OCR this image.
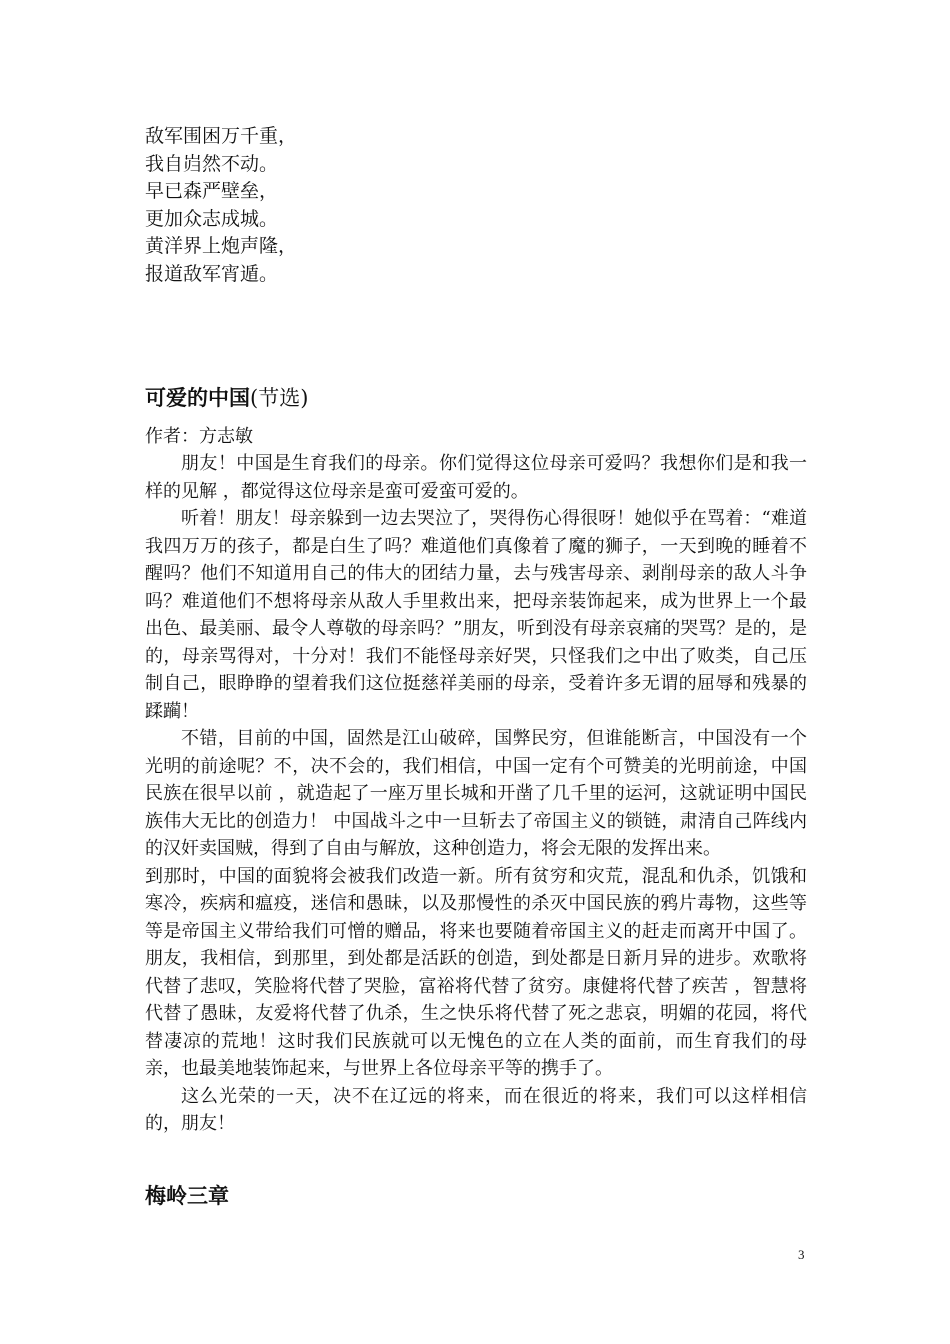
敌军围困万千重，
我自岿然不动。
早已森严壁垒，
更加众志成城。
黄洋界上炮声隆，
报道敌军宵遁。
可爱的中国(节选)
作者：方志敏

朋友！中国是生育我们的母亲。你们觉得这位母亲可爱吗？我想你们是和我一样的见解 ，都觉得这位母亲是蛮可爱蛮可爱的。

听着！朋友！母亲躲到一边去哭泣了，哭得伤心得很呀！她似乎在骂着：“难道我四万万的孩子，都是白生了吗？难道他们真像着了魔的狮子，一天到晚的睡着不醒吗？他们不知道用自己的伟大的团结力量，去与残害母亲、剥削母亲的敌人斗争吗？难道他们不想将母亲从敌人手里救出来，把母亲装饰起来，成为世界上一个最出色、最美丽、最令人尊敬的母亲吗？”朋友，听到没有母亲哀痛的哭骂？是的，是的，母亲骂得对，十分对！我们不能怪母亲好哭，只怪我们之中出了败类，自己压制自己，眼睁睁的望着我们这位挺慈祥美丽的母亲，受着许多无谓的屈辱和残暴的蹂躏！

不错，目前的中国，固然是江山破碎，国弊民穷，但谁能断言，中国没有一个光明的前途呢？不，决不会的，我们相信，中国一定有个可赞美的光明前途，中国民族在很早以前 ，就造起了一座万里长城和开凿了几千里的运河，这就证明中国民族伟大无比的创造力！ 中国战斗之中一旦斩去了帝国主义的锁链，肃清自己阵线内的汉奸卖国贼，得到了自由与解放，这种创造力，将会无限的发挥出来。

到那时，中国的面貌将会被我们改造一新。所有贫穷和灾荒，混乱和仇杀，饥饿和寒冷，疾病和瘟疫，迷信和愚昧，以及那慢性的杀灭中国民族的鸦片毒物，这些等等是帝国主义带给我们可憎的赠品，将来也要随着帝国主义的赶走而离开中国了。朋友，我相信，到那里，到处都是活跃的创造，到处都是日新月异的进步。欢歌将代替了悲叹，笑脸将代替了哭脸，富裕将代替了贫穷。康健将代替了疾苦 ，智慧将代替了愚昧，友爱将代替了仇杀，生之快乐将代替了死之悲哀，明媚的花园，将代替凄凉的荒地！这时我们民族就可以无愧色的立在人类的面前，而生育我们的母亲，也最美地装饰起来，与世界上各位母亲平等的携手了。

这么光荣的一天，决不在辽远的将来，而在很近的将来，我们可以这样相信的，朋友！

梅岭三章
3
